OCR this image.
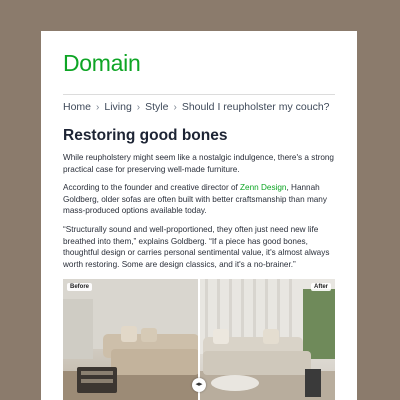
Domain
Home › Living › Style › Should I reupholster my couch?
Restoring good bones

While reupholstery might seem like a nostalgic indulgence, there's a strong practical case for preserving well-made furniture.

According to the founder and creative director of Zenn Design, Hannah Goldberg, older sofas are often built with better craftsmanship than many mass-produced options available today.

“Structurally sound and well-proportioned, they often just need new life breathed into them,” explains Goldberg. “If a piece has good bones, thoughtful design or carries personal sentimental value, it's almost always worth restoring. Some are design classics, and it's a no-brainer.”

Before	After
◂▸
